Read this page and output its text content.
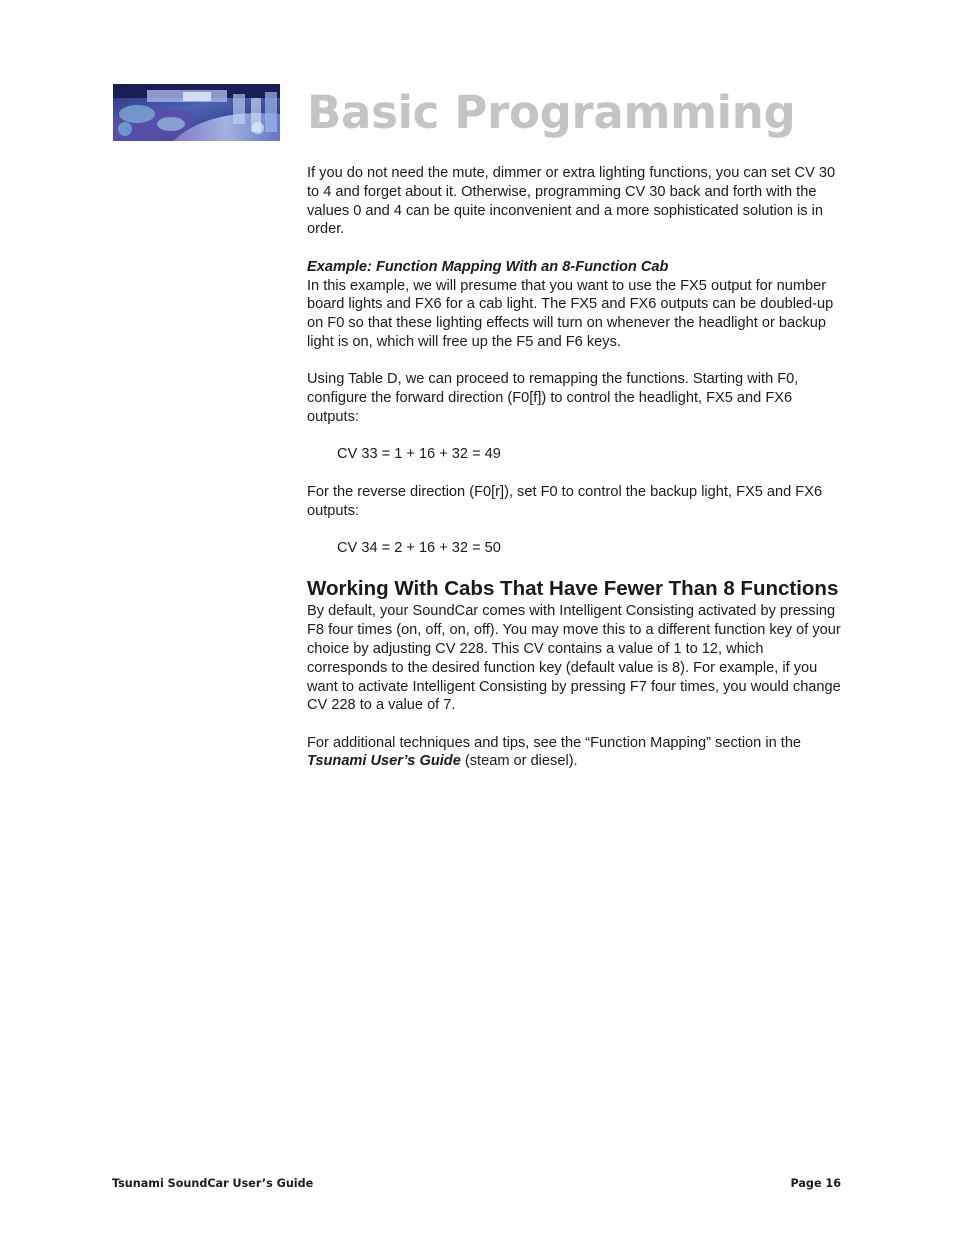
Basic Programming

If you do not need the mute, dimmer or extra lighting functions, you can set CV 30 to 4 and forget about it. Otherwise, programming CV 30 back and forth with the values 0 and 4 can be quite inconvenient and a more sophisticated solution is in order.

Example: Function Mapping With an 8-Function Cab
In this example, we will presume that you want to use the FX5 output for number board lights and FX6 for a cab light. The FX5 and FX6 outputs can be doubled-up on F0 so that these lighting effects will turn on whenever the headlight or backup light is on, which will free up the F5 and F6 keys.

Using Table D, we can proceed to remapping the functions. Starting with F0, configure the forward direction (F0[f]) to control the headlight, FX5 and FX6 outputs:

CV 33 = 1 + 16 + 32 = 49

For the reverse direction (F0[r]), set F0 to control the backup light, FX5 and FX6 outputs:

CV 34 = 2 + 16 + 32 = 50

Working With Cabs That Have Fewer Than 8 Functions

By default, your SoundCar comes with Intelligent Consisting activated by pressing F8 four times (on, off, on, off). You may move this to a different function key of your choice by adjusting CV 228. This CV contains a value of 1 to 12, which corresponds to the desired function key (default value is 8). For example, if you want to activate Intelligent Consisting by pressing F7 four times, you would change CV 228 to a value of 7.

For additional techniques and tips, see the “Function Mapping” section in the Tsunami User’s Guide (steam or diesel).

Tsunami SoundCar User’s Guide	Page 16
